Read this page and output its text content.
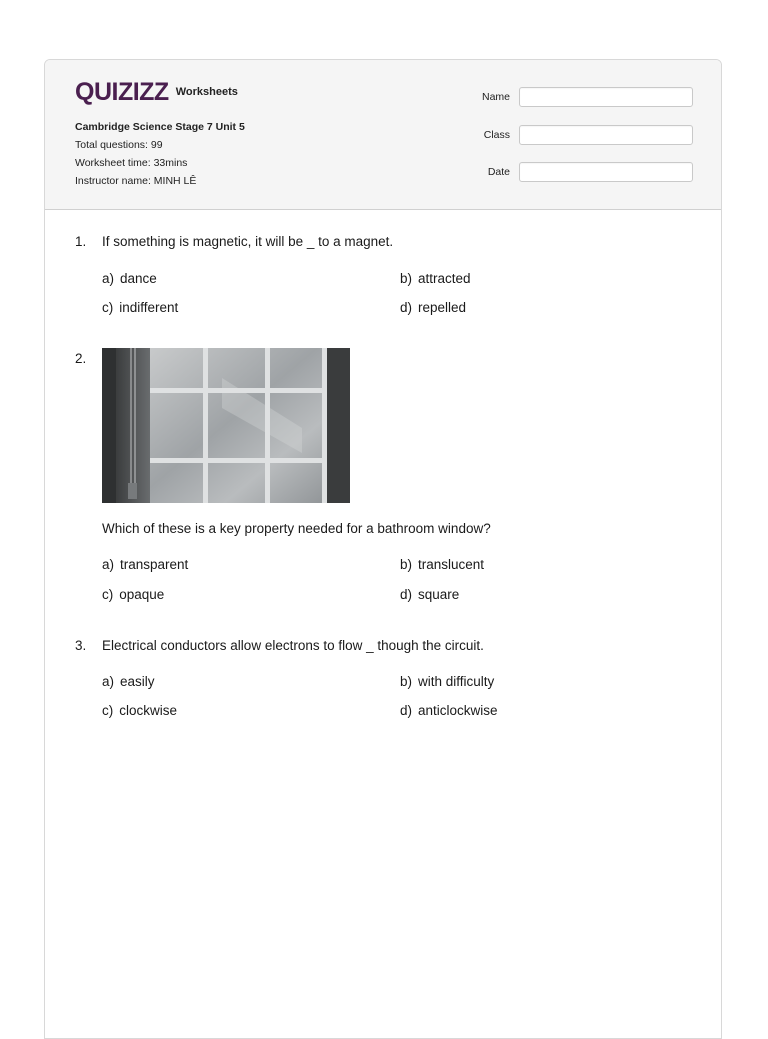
QUIZIZZ Worksheets
Cambridge Science Stage 7 Unit 5
Total questions: 99
Worksheet time: 33mins
Instructor name: MINH LÊ
Name
Class
Date
1. If something is magnetic, it will be _ to a magnet.
a) dance	b) attracted
c) indifferent	d) repelled
2.
Which of these is a key property needed for a bathroom window?
a) transparent	b) translucent
c) opaque	d) square
3. Electrical conductors allow electrons to flow _ though the circuit.
a) easily	b) with difficulty
c) clockwise	d) anticlockwise
